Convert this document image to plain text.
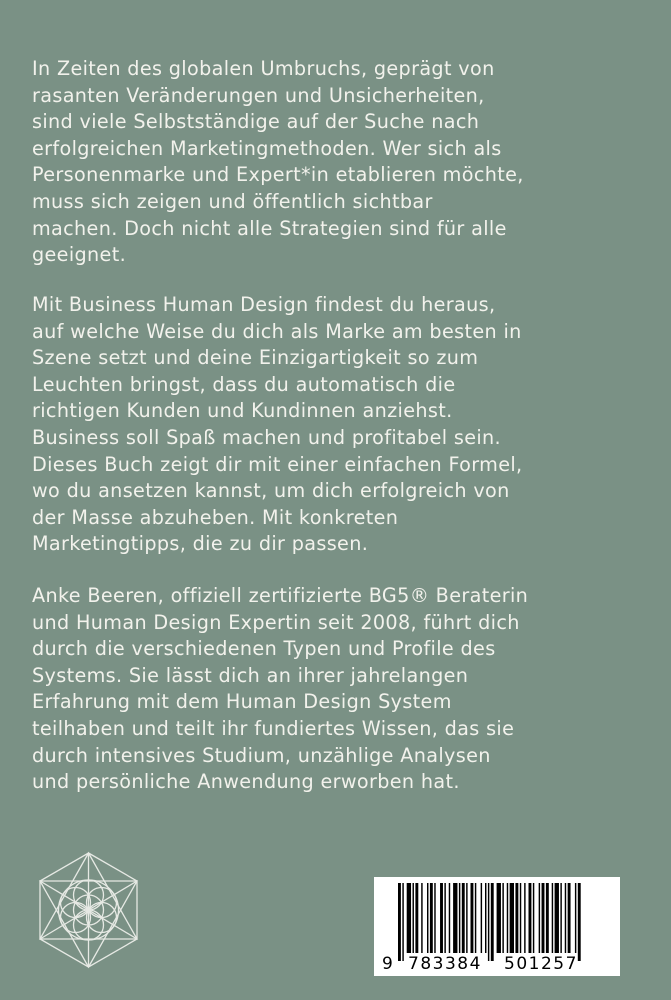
In Zeiten des globalen Umbruchs, geprägt von
rasanten Veränderungen und Unsicherheiten,
sind viele Selbstständige auf der Suche nach
erfolgreichen Marketingmethoden. Wer sich als
Personenmarke und Expert*in etablieren möchte,
muss sich zeigen und öffentlich sichtbar
machen. Doch nicht alle Strategien sind für alle
geeignet.
Mit Business Human Design findest du heraus,
auf welche Weise du dich als Marke am besten in
Szene setzt und deine Einzigartigkeit so zum
Leuchten bringst, dass du automatisch die
richtigen Kunden und Kundinnen anziehst.
Business soll Spaß machen und profitabel sein.
Dieses Buch zeigt dir mit einer einfachen Formel,
wo du ansetzen kannst, um dich erfolgreich von
der Masse abzuheben. Mit konkreten
Marketingtipps, die zu dir passen.
Anke Beeren, offiziell zertifizierte BG5® Beraterin
und Human Design Expertin seit 2008, führt dich
durch die verschiedenen Typen und Profile des
Systems. Sie lässt dich an ihrer jahrelangen
Erfahrung mit dem Human Design System
teilhaben und teilt ihr fundiertes Wissen, das sie
durch intensives Studium, unzählige Analysen
und persönliche Anwendung erworben hat.
9 783384 501257
